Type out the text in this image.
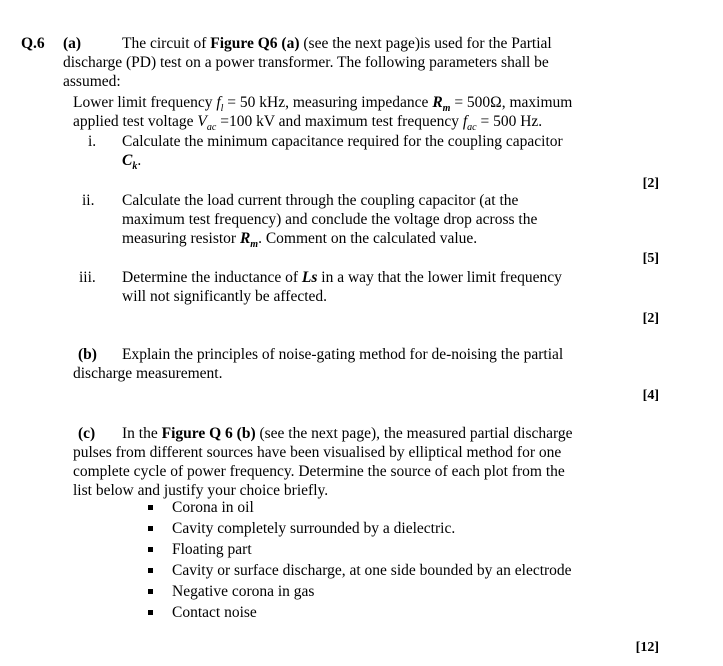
Q.6 (a)	The circuit of Figure Q6 (a) (see the next page)is used for the Partial
discharge (PD) test on a power transformer. The following parameters shall be
assumed:
Lower limit frequency $f_l = 50$ kHz, measuring impedance $R_m = 500\Omega$, maximum
applied test voltage $V_{ac} =100$ kV and maximum test frequency $f_{ac} = 500$ Hz.
i. Calculate the minimum capacitance required for the coupling capacitor
$C_k$.
[2]
ii. Calculate the load current through the coupling capacitor (at the
maximum test frequency) and conclude the voltage drop across the
measuring resistor $R_m$. Comment on the calculated value.
[5]
iii. Determine the inductance of Ls in a way that the lower limit frequency
will not significantly be affected.
[2]
(b) Explain the principles of noise-gating method for de-noising the partial
discharge measurement.
[4]
(c) In the Figure Q 6 (b) (see the next page), the measured partial discharge
pulses from different sources have been visualised by elliptical method for one
complete cycle of power frequency. Determine the source of each plot from the
list below and justify your choice briefly.
Corona in oil
Cavity completely surrounded by a dielectric.
Floating part
Cavity or surface discharge, at one side bounded by an electrode
Negative corona in gas
Contact noise
[12]
